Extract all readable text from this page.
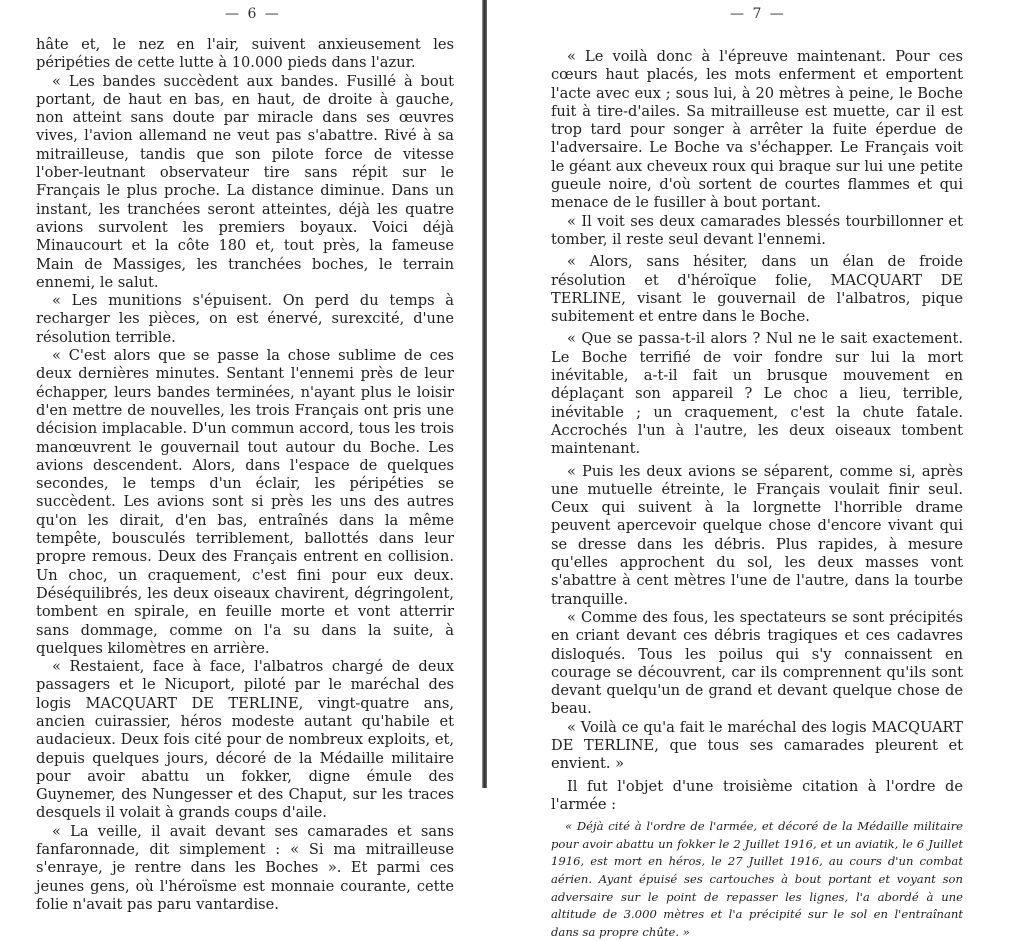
— 6 —

hâte et, le nez en l'air, suivent anxieusement les péripéties de cette lutte à 10.000 pieds dans l'azur.

« Les bandes succèdent aux bandes. Fusillé à bout portant, de haut en bas, en haut, de droite à gauche, non atteint sans doute par miracle dans ses œuvres vives, l'avion allemand ne veut pas s'abattre. Rivé à sa mitrailleuse, tandis que son pilote force de vitesse l'ober-leutnant observateur tire sans répit sur le Français le plus proche. La distance diminue. Dans un instant, les tranchées seront atteintes, déjà les quatre avions survolent les premiers boyaux. Voici déjà Minaucourt et la côte 180 et, tout près, la fameuse Main de Massiges, les tranchées boches, le terrain ennemi, le salut.

« Les munitions s'épuisent. On perd du temps à recharger les pièces, on est énervé, surexcité, d'une résolution terrible.

« C'est alors que se passe la chose sublime de ces deux dernières minutes. Sentant l'ennemi près de leur échapper, leurs bandes terminées, n'ayant plus le loisir d'en mettre de nouvelles, les trois Français ont pris une décision implacable. D'un commun accord, tous les trois manœuvrent le gouvernail tout autour du Boche. Les avions descendent. Alors, dans l'espace de quelques secondes, le temps d'un éclair, les péripéties se succèdent. Les avions sont si près les uns des autres qu'on les dirait, d'en bas, entraînés dans la même tempête, bousculés terriblement, ballottés dans leur propre remous. Deux des Français entrent en collision. Un choc, un craquement, c'est fini pour eux deux. Déséquilibrés, les deux oiseaux chavirent, dégringolent, tombent en spirale, en feuille morte et vont atterrir sans dommage, comme on l'a su dans la suite, à quelques kilomètres en arrière.

« Restaient, face à face, l'albatros chargé de deux passagers et le Nicuport, piloté par le maréchal des logis MACQUART DE TERLINE, vingt-quatre ans, ancien cuirassier, héros modeste autant qu'habile et audacieux. Deux fois cité pour de nombreux exploits, et, depuis quelques jours, décoré de la Médaille militaire pour avoir abattu un fokker, digne émule des Guynemer, des Nungesser et des Chaput, sur les traces desquels il volait à grands coups d'aile.

« La veille, il avait devant ses camarades et sans fanfaronnade, dit simplement : « Si ma mitrailleuse s'enraye, je rentre dans les Boches ». Et parmi ces jeunes gens, où l'héroïsme est monnaie courante, cette folie n'avait pas paru vantardise.

— 7 —

« Le voilà donc à l'épreuve maintenant. Pour ces cœurs haut placés, les mots enferment et emportent l'acte avec eux ; sous lui, à 20 mètres à peine, le Boche fuit à tire-d'ailes. Sa mitrailleuse est muette, car il est trop tard pour songer à arrêter la fuite éperdue de l'adversaire. Le Boche va s'échapper. Le Français voit le géant aux cheveux roux qui braque sur lui une petite gueule noire, d'où sortent de courtes flammes et qui menace de le fusiller à bout portant.

« Il voit ses deux camarades blessés tourbillonner et tomber, il reste seul devant l'ennemi.

« Alors, sans hésiter, dans un élan de froide résolution et d'héroïque folie, MACQUART DE TERLINE, visant le gouvernail de l'albatros, pique subitement et entre dans le Boche.

« Que se passa-t-il alors ? Nul ne le sait exactement. Le Boche terrifié de voir fondre sur lui la mort inévitable, a-t-il fait un brusque mouvement en déplaçant son appareil ? Le choc a lieu, terrible, inévitable ; un craquement, c'est la chute fatale. Accrochés l'un à l'autre, les deux oiseaux tombent maintenant.

« Puis les deux avions se séparent, comme si, après une mutuelle étreinte, le Français voulait finir seul. Ceux qui suivent à la lorgnette l'horrible drame peuvent apercevoir quelque chose d'encore vivant qui se dresse dans les débris. Plus rapides, à mesure qu'elles approchent du sol, les deux masses vont s'abattre à cent mètres l'une de l'autre, dans la tourbe tranquille.

« Comme des fous, les spectateurs se sont précipités en criant devant ces débris tragiques et ces cadavres disloqués. Tous les poilus qui s'y connaissent en courage se découvrent, car ils comprennent qu'ils sont devant quelqu'un de grand et devant quelque chose de beau.

« Voilà ce qu'a fait le maréchal des logis MACQUART DE TERLINE, que tous ses camarades pleurent et envient. »

Il fut l'objet d'une troisième citation à l'ordre de l'armée :

« Déjà cité à l'ordre de l'armée, et décoré de la Médaille militaire pour avoir abattu un fokker le 2 Juillet 1916, et un aviatik, le 6 Juillet 1916, est mort en héros, le 27 Juillet 1916, au cours d'un combat aérien. Ayant épuisé ses cartouches à bout portant et voyant son adversaire sur le point de repasser les lignes, l'a abordé à une altitude de 3.000 mètres et l'a précipité sur le sol en l'entraînant dans sa propre chûte. »
